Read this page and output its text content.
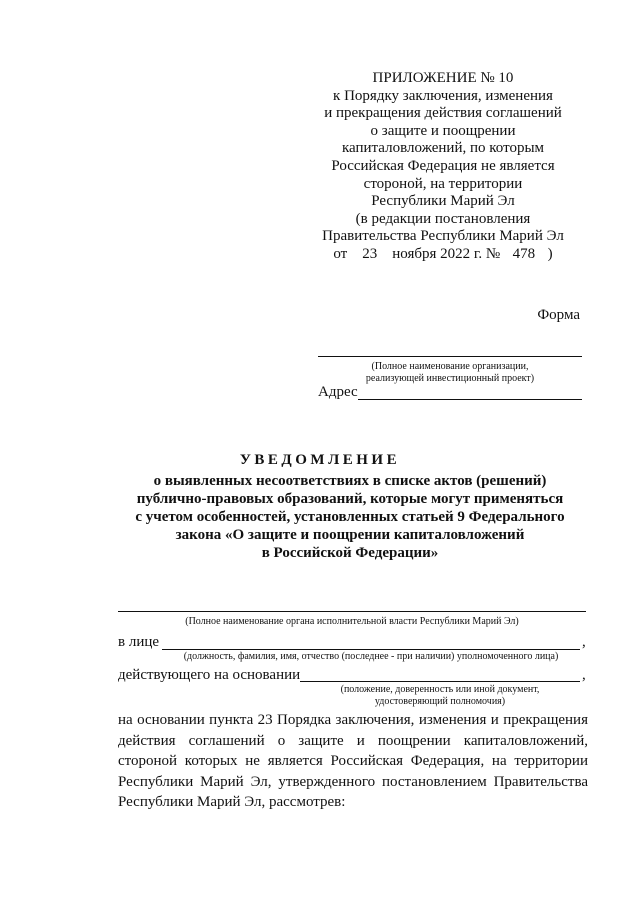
ПРИЛОЖЕНИЕ № 10
к Порядку заключения, изменения
и прекращения действия соглашений
о защите и поощрении
капиталовложений, по которым
Российская Федерация не является
стороной, на территории
Республики Марий Эл
(в редакции постановления
Правительства Республики Марий Эл
от 23 ноября 2022 г. № 478 )
Форма
(Полное наименование организации,
реализующей инвестиционный проект)
Адрес
УВЕДОМЛЕНИЕ
о выявленных несоответствиях в списке актов (решений)
публично-правовых образований, которые могут применяться
с учетом особенностей, установленных статьей 9 Федерального
закона «О защите и поощрении капиталовложений
в Российской Федерации»
(Полное наименование органа исполнительной власти Республики Марий Эл)
в лице	,
(должность, фамилия, имя, отчество (последнее - при наличии) уполномоченного лица)
действующего на основании	,
(положение, доверенность или иной документ,
удостоверяющий полномочия)
на основании пункта 23 Порядка заключения, изменения и прекращения
действия соглашений о защите и поощрении капиталовложений,
стороной которых не является Российская Федерация, на территории
Республики Марий Эл, утвержденного постановлением Правительства
Республики Марий Эл, рассмотрев:
